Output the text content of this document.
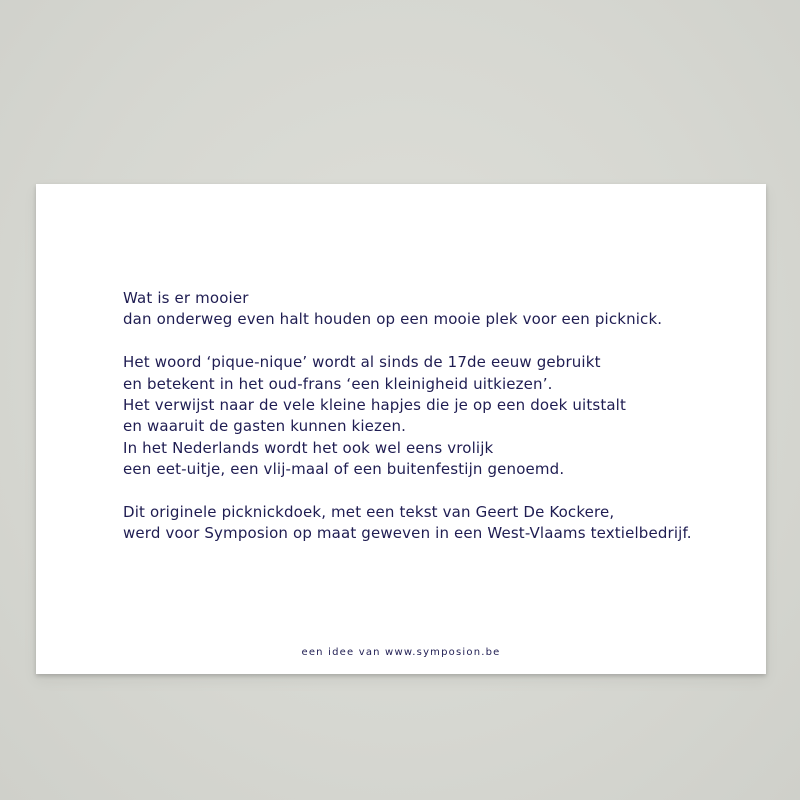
Wat is er mooier
dan onderweg even halt houden op een mooie plek voor een picknick.
Het woord ‘pique-nique’ wordt al sinds de 17de eeuw gebruikt
en betekent in het oud-frans ‘een kleinigheid uitkiezen’.
Het verwijst naar de vele kleine hapjes die je op een doek uitstalt
en waaruit de gasten kunnen kiezen.
In het Nederlands wordt het ook wel eens vrolijk
een eet-uitje, een vlij-maal of een buitenfestijn genoemd.
Dit originele picknickdoek, met een tekst van Geert De Kockere,
werd voor Symposion op maat geweven in een West-Vlaams textielbedrijf.
een idee van www.symposion.be
